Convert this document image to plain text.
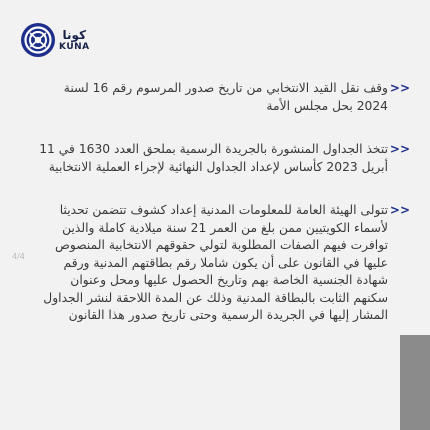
كونا
KUNA
<<
وقف نقل القيد الانتخابي من تاريخ صدور المرسوم رقم 16 لسنة 2024 بحل مجلس الأمة
<<
تتخذ الجداول المنشورة بالجريدة الرسمية بملحق العدد 1630 في 11 أبريل 2023 كأساس لإعداد الجداول النهائية لإجراء العملية الانتخابية
<<
تتولى الهيئة العامة للمعلومات المدنية إعداد كشوف تتضمن تحديثا لأسماء الكويتيين ممن بلغ من العمر 21 سنة ميلادية كاملة والذين توافرت فيهم الصفات المطلوبة لتولي حقوقهم الانتخابية المنصوص عليها في القانون على أن يكون شاملا رقم بطاقتهم المدنية ورقم شهادة الجنسية الخاصة بهم وتاريخ الحصول عليها ومحل وعنوان سكنهم الثابت بالبطاقة المدنية وذلك عن المدة اللاحقة لنشر الجداول المشار إليها في الجريدة الرسمية وحتى تاريخ صدور هذا القانون
4/4
